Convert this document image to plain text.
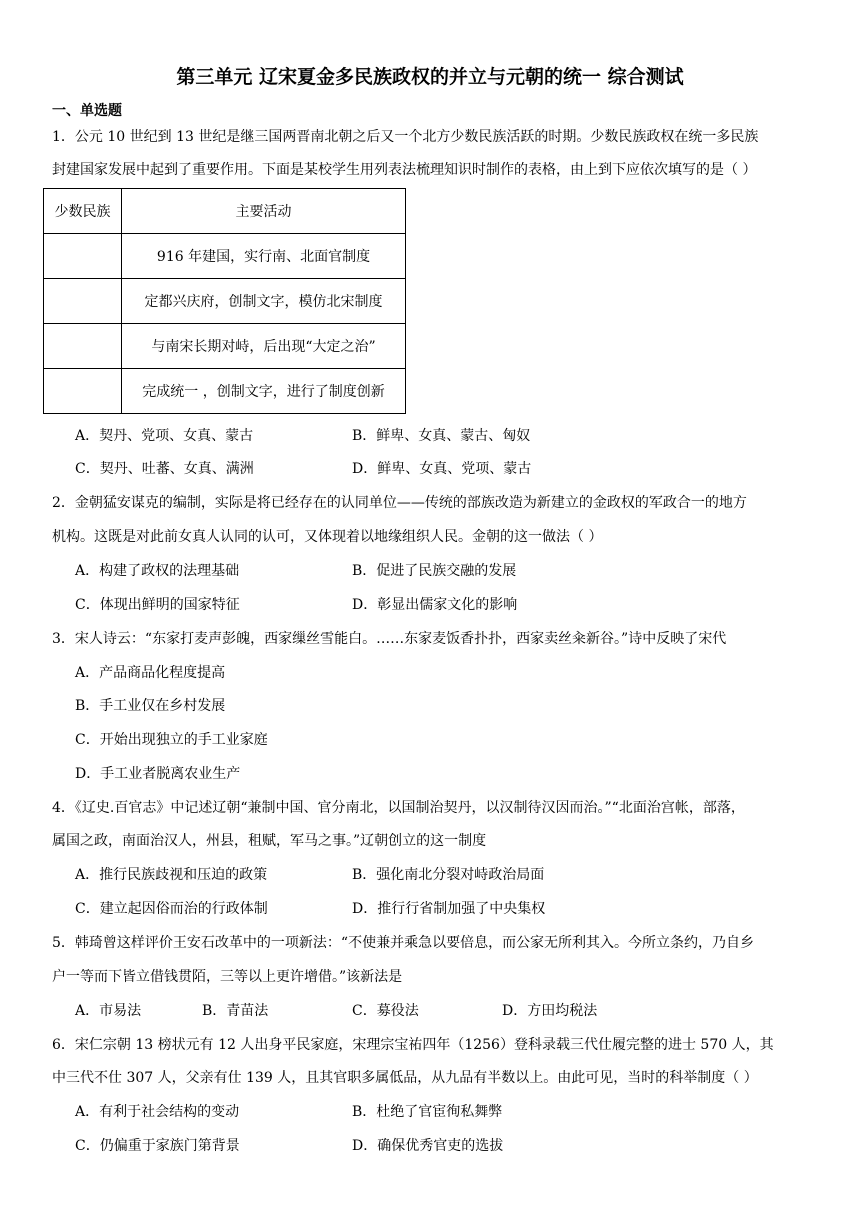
第三单元 辽宋夏金多民族政权的并立与元朝的统一 综合测试
一、单选题
少数民族	主要活动
	916 年建国，实行南、北面官制度
	定都兴庆府，创制文字，模仿北宋制度
	与南宋长期对峙，后出现“大定之治”
	完成统一 ，创制文字，进行了制度创新
1．公元 10 世纪到 13 世纪是继三国两晋南北朝之后又一个北方少数民族活跃的时期。少数民族政权在统一多民族
封建国家发展中起到了重要作用。下面是某校学生用列表法梳理知识时制作的表格，由上到下应依次填写的是（ ）
A．契丹、党项、女真、蒙古	B．鲜卑、女真、蒙古、匈奴
C．契丹、吐蕃、女真、满洲	D．鲜卑、女真、党项、蒙古
2．金朝猛安谋克的编制，实际是将已经存在的认同单位——传统的部族改造为新建立的金政权的军政合一的地方
机构。这既是对此前女真人认同的认可，又体现着以地缘组织人民。金朝的这一做法（ ）
A．构建了政权的法理基础	B．促进了民族交融的发展
C．体现出鲜明的国家特征	D．彰显出儒家文化的影响
3．宋人诗云：“东家打麦声彭魄，西家缫丝雪能白。……东家麦饭香扑扑，西家卖丝籴新谷。”诗中反映了宋代
A．产品商品化程度提高
B．手工业仅在乡村发展
C．开始出现独立的手工业家庭
D．手工业者脱离农业生产
4．《辽史.百官志》中记述辽朝“兼制中国、官分南北，以国制治契丹，以汉制待汉因而治。”“北面治宫帐，部落，
属国之政，南面治汉人，州县，租赋，军马之事。”辽朝创立的这一制度
A．推行民族歧视和压迫的政策	B．强化南北分裂对峙政治局面
C．建立起因俗而治的行政体制	D．推行行省制加强了中央集权
5．韩琦曾这样评价王安石改革中的一项新法：“不使兼并乘急以要倍息，而公家无所利其入。今所立条约，乃自乡
户一等而下皆立借钱贯陌，三等以上更许增借。”该新法是
A．市易法	B．青苗法	C．募役法	D．方田均税法
6．宋仁宗朝 13 榜状元有 12 人出身平民家庭，宋理宗宝祐四年（1256）登科录载三代仕履完整的进士 570 人，其
中三代不仕 307 人，父亲有仕 139 人，且其官职多属低品，从九品有半数以上。由此可见，当时的科举制度（ ）
A．有利于社会结构的变动	B．杜绝了官宦徇私舞弊
C．仍偏重于家族门第背景	D．确保优秀官吏的选拔
